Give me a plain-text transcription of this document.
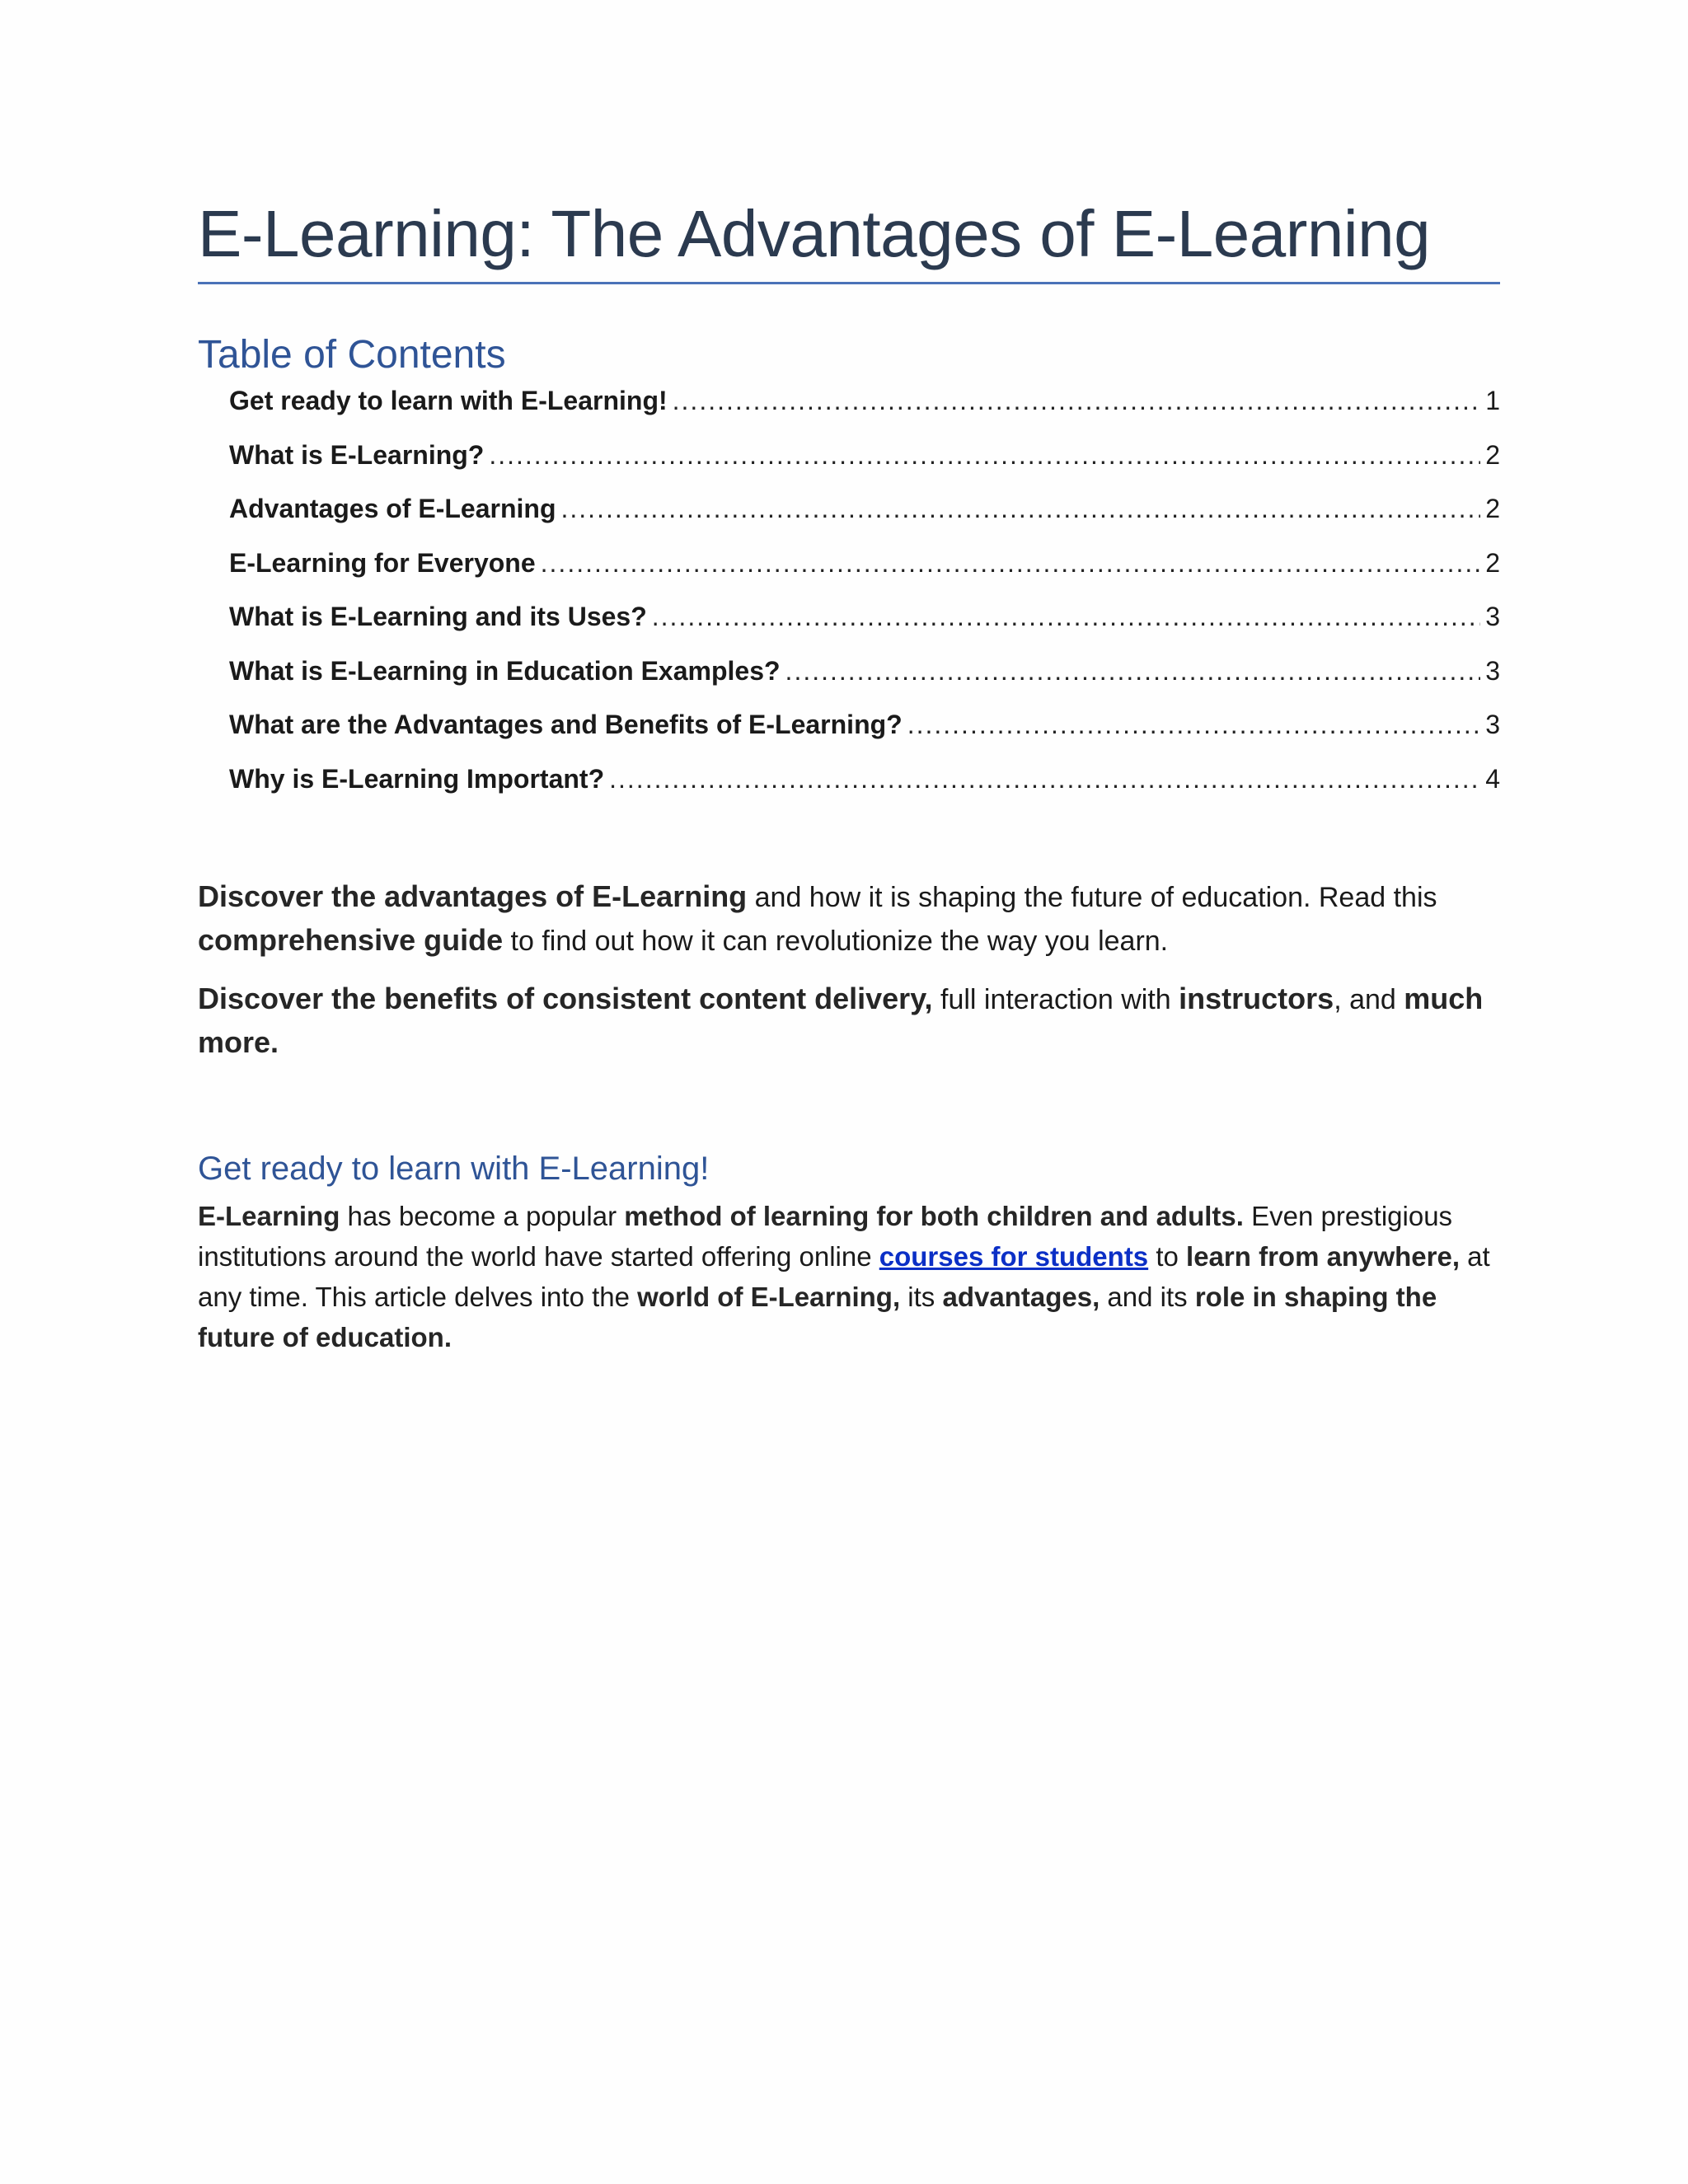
E-Learning: The Advantages of E-Learning
Table of Contents
Get ready to learn with E-Learning! .....	1
What is E-Learning? .....	2
Advantages of E-Learning .....	2
E-Learning for Everyone .....	2
What is E-Learning and its Uses? .....	3
What is E-Learning in Education Examples? .....	3
What are the Advantages and Benefits of E-Learning? .....	3
Why is E-Learning Important? .....	4

Discover the advantages of E-Learning and how it is shaping the future of education. Read this comprehensive guide to find out how it can revolutionize the way you learn.

Discover the benefits of consistent content delivery, full interaction with instructors, and much more.

Get ready to learn with E-Learning!

E-Learning has become a popular method of learning for both children and adults. Even prestigious institutions around the world have started offering online courses for students to learn from anywhere, at any time. This article delves into the world of E-Learning, its advantages, and its role in shaping the future of education.
